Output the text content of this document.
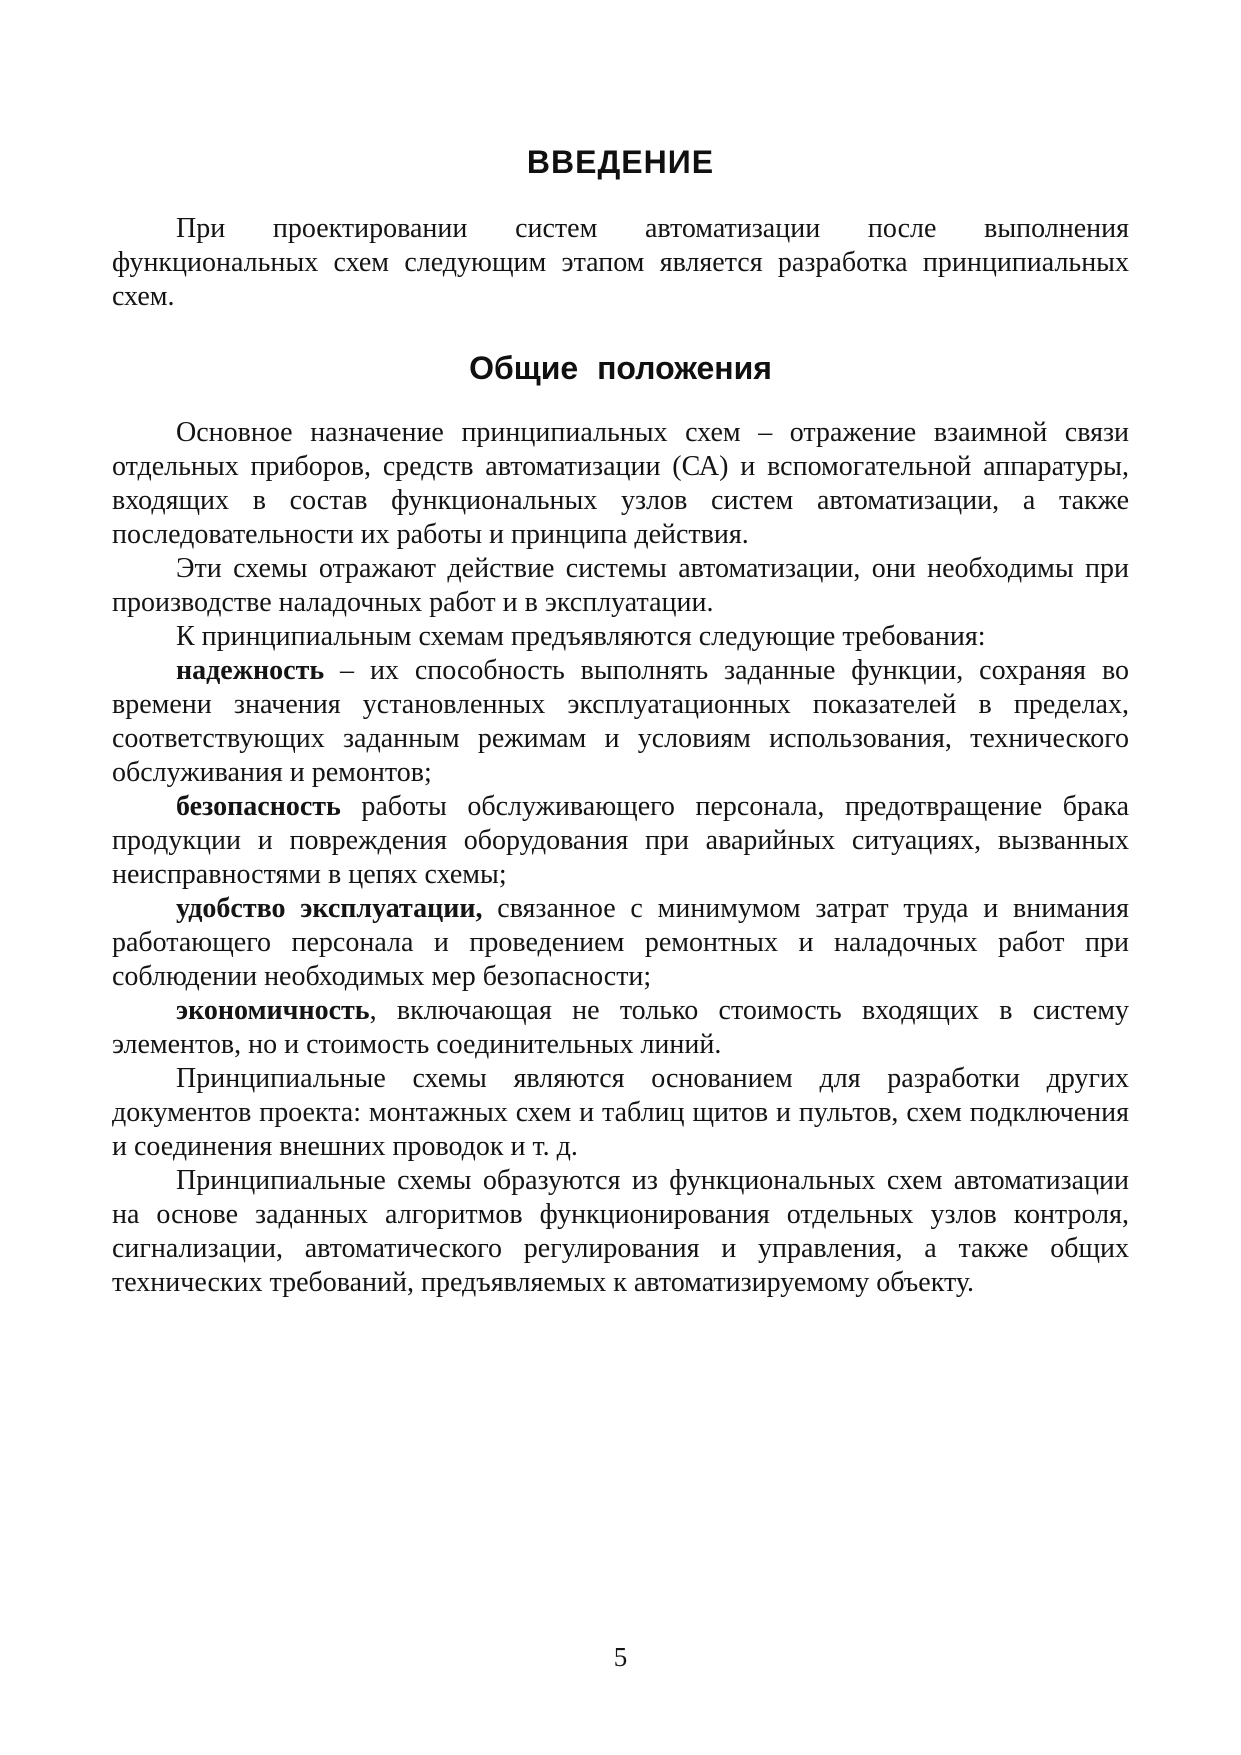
ВВЕДЕНИЕ

При проектировании систем автоматизации после выполнения функциональных схем следующим этапом является разработка принципиальных схем.

Общие положения

Основное назначение принципиальных схем – отражение взаимной связи отдельных приборов, средств автоматизации (СА) и вспомогательной аппаратуры, входящих в состав функциональных узлов систем автоматизации, а также последовательности их работы и принципа действия.

Эти схемы отражают действие системы автоматизации, они необходимы при производстве наладочных работ и в эксплуатации.

К принципиальным схемам предъявляются следующие требования:

надежность – их способность выполнять заданные функции, сохраняя во времени значения установленных эксплуатационных показателей в пределах, соответствующих заданным режимам и условиям использования, технического обслуживания и ремонтов;

безопасность работы обслуживающего персонала, предотвращение брака продукции и повреждения оборудования при аварийных ситуациях, вызванных неисправностями в цепях схемы;

удобство эксплуатации, связанное с минимумом затрат труда и внимания работающего персонала и проведением ремонтных и наладочных работ при соблюдении необходимых мер безопасности;

экономичность, включающая не только стоимость входящих в систему элементов, но и стоимость соединительных линий.

Принципиальные схемы являются основанием для разработки других документов проекта: монтажных схем и таблиц щитов и пультов, схем подключения и соединения внешних проводок и т. д.

Принципиальные схемы образуются из функциональных схем автоматизации на основе заданных алгоритмов функционирования отдельных узлов контроля, сигнализации, автоматического регулирования и управления, а также общих технических требований, предъявляемых к автоматизируемому объекту.

5
